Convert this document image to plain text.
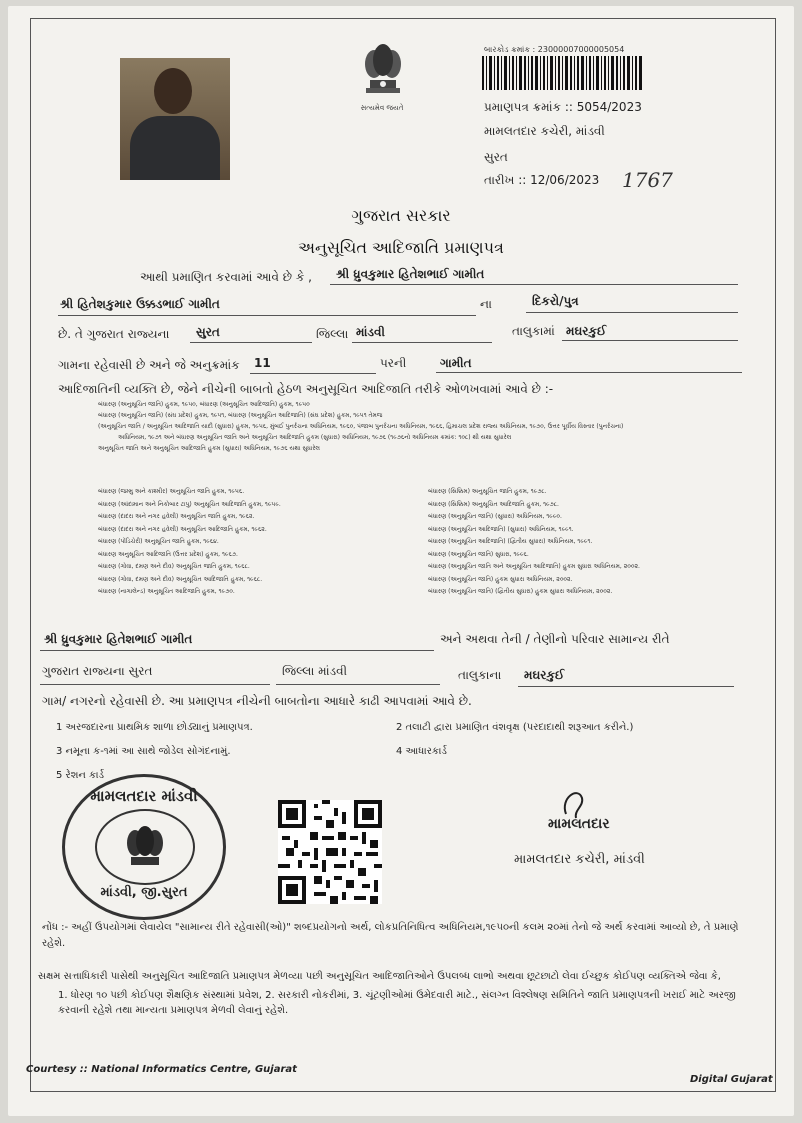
સત્યમેવ જયતે
બારકોડ ક્રમાંક : 23000007000005054
પ્રમાણપત્ર ક્રમાંક :: 5054/2023
મામલતદાર કચેરી, માંડવી
સુરત
તારીખ :: 12/06/2023 1767
ગુજરાત સરકાર
અનુસૂચિત આદિજાતિ પ્રમાણપત્ર
આથી પ્રમાણિત કરવામાં આવે છે કે , શ્રી ધ્રુવકુમાર હિતેશભાઈ ગામીત
શ્રી હિતેશકુમાર ઉક્કડભાઈ ગામીત	ના	દિકરો/પુત્ર
છે. તે ગુજરાત રાજ્યના સુરત	જિલ્લા માંડવી	તાલુકામાં મઘરકુઈ
ગામના રહેવાસી છે અને જે અનુક્રમાંક 11	પરની	ગામીત
આદિજાતિની વ્યક્તિ છે, જેને નીચેની બાબતો હેઠળ અનુસૂચિત આદિજાતિ તરીકે ઓળખવામાં આવે છે :-
બંધારણ (અનુસૂચિત જાતિ) હુકમ, ૧૯૫૦, બંધારણ (અનુસૂચિત આદિજાતિ) હુકમ, ૧૯૫૦
બંધારણ (અનુસૂચિત જાતિ) (સંઘ પ્રદેશ) હુકમ, ૧૯૫૧, બંધારણ (અનુસૂચિત આદિજાતિ) (સંઘ પ્રદેશ) હુકમ, ૧૯૫૧ તેમજ
(અનુસૂચિત જાતિ / અનુસૂચિત આદિજાતિ યાદી (સુધારા) હુકમ, ૧૯૫૬, મુંબઈ પુનર્રચના અધિનિયમ, ૧૯૬૦, પંજાબ પુનર્રચના અધિનિયમ, ૧૯૬૬, હિમાચલ પ્રદેશ રાજ્ય અધિનિયમ, ૧૯૭૦, ઉત્તર પૂર્વીય વિસ્તાર (પુનર્રચના)
અધિનિયમ, ૧૯૭૧ અને બંધારણ અનુસૂચિત જાતિ અને અનુસૂચિત આદિજાતિ હુકમ (સુધારા) અધિનિયમ, ૧૯૭૬ (૧૯૭૬નો અધિનિયમ ક્રમાંક: ૧૦૮) થી યથા સુધારેલ
અનુસૂચિત જાતિ અને અનુસૂચિત આદિજાતિ હુકમ (સુધારા) અધિનિયમ, ૧૯૭૬ યથા સુધારેલ
બંધારણ (જમ્મુ અને કાશ્મીર) અનુસૂચિત જાતિ હુકમ, ૧૯૫૬.
બંધારણ (આંદામાન અને નિકોબાર ટાપુ) અનુસૂચિત આદિજાતિ હુકમ, ૧૯૫૯.
બંધારણ (દાદરા અને નગર હવેલી) અનુસૂચિત જાતિ હુકમ, ૧૯૬૨.
બંધારણ (દાદરા અને નગર હવેલી) અનુસૂચિત આદિજાતિ હુકમ, ૧૯૬૨.
બંધારણ (પોંડિચેરી) અનુસૂચિત જાતિ હુકમ, ૧૯૬૪.
બંધારણ અનુસૂચિત આદિજાતિ (ઉત્તર પ્રદેશ) હુકમ, ૧૯૬૭.
બંધારણ (ગોવા, દમણ અને દીવ) અનુસૂચિત જાતિ હુકમ, ૧૯૬૮.
બંધારણ (ગોવા, દમણ અને દીવ) અનુસૂચિત આદિજાતિ હુકમ, ૧૯૬૮.
બંધારણ (નાગાલેન્ડ) અનુસૂચિત આદિજાતિ હુકમ, ૧૯૭૦.
બંધારણ (સિક્કિમ) અનુસૂચિત જાતિ હુકમ, ૧૯૭૮.
બંધારણ (સિક્કિમ) અનુસૂચિત આદિજાતિ હુકમ, ૧૯૭૮.
બંધારણ (અનુસૂચિત જાતિ) (સુધારા) અધિનિયમ, ૧૯૯૦.
બંધારણ (અનુસૂચિત આદિજાતિ) (સુધારા) અધિનિયમ, ૧૯૯૧.
બંધારણ (અનુસૂચિત આદિજાતિ) (દ્વિતીય સુધારા) અધિનિયમ, ૧૯૯૧.
બંધારણ (અનુસૂચિત જાતિ) સુધારા, ૧૯૯૬.
બંધારણ (અનુસૂચિત જાતિ અને અનુસૂચિત આદિજાતિ) હુકમ સુધારા અધિનિયમ, ૨૦૦૨.
બંધારણ (અનુસૂચિત જાતિ) હુકમ સુધારા અધિનિયમ, ૨૦૦૨.
બંધારણ (અનુસૂચિત જાતિ) (દ્વિતીય સુધારા) હુકમ સુધારા અધિનિયમ, ૨૦૦૨.
શ્રી ધ્રુવકુમાર હિતેશભાઈ ગામીત	અને અથવા તેની / તેણીનો પરિવાર સામાન્ય રીતે
ગુજરાત રાજ્યના સુરત	જિલ્લા માંડવી	તાલુકાના મઘરકુઈ
ગામ/ નગરનો રહેવાસી છે. આ પ્રમાણપત્ર નીચેની બાબતોના આધારે કાઢી આપવામાં આવે છે.
1 અરજદારના પ્રાથમિક શાળા છોડ્યાનું પ્રમાણપત્ર.	2 તલાટી દ્વારા પ્રમાણિત વંશવૃક્ષ (પરદાદાથી શરૂઆત કરીને.)
3 નમૂના ક-૧માં આ સાથે જોડેલ સોગંદનામું.	4 આધારકાર્ડ
5 રેશન કાર્ડ
મામલતદાર માંડવી
માંડવી, જી.સુરત
મામલતદાર
મામલતદાર કચેરી, માંડવી
નોંધ :- અહીં ઉપયોગમાં લેવાયેલ "સામાન્ય રીતે રહેવાસી(ઓ)" શબ્દપ્રયોગનો અર્થ, લોકપ્રતિનિધિત્વ અધિનિયમ,૧૯૫૦ની કલમ ૨૦માં તેનો જે અર્થ કરવામાં આવ્યો છે, તે પ્રમાણે રહેશે.
સક્ષમ સત્તાધિકારી પાસેથી અનુસૂચિત આદિજાતિ પ્રમાણપત્ર મેળવ્યા પછી અનુસૂચિત આદિજાતિઓને ઉપલબ્ધ લાભો અથવા છૂટછાટો લેવા ઈચ્છુક કોઈપણ વ્યક્તિએ જેવા કે,
1. ધોરણ ૧૦ પછી કોઈપણ શૈક્ષણિક સંસ્થામાં પ્રવેશ, 2. સરકારી નોકરીમાં, 3. ચૂંટણીઓમાં ઉમેદવારી માટે., સંલગ્ન વિશ્લેષણ સમિતિને જાતિ પ્રમાણપત્રની ખરાઈ માટે અરજી કરવાની રહેશે તથા માન્યતા પ્રમાણપત્ર મેળવી લેવાનું રહેશે.
Courtesy :: National Informatics Centre, Gujarat
Digital Gujarat
